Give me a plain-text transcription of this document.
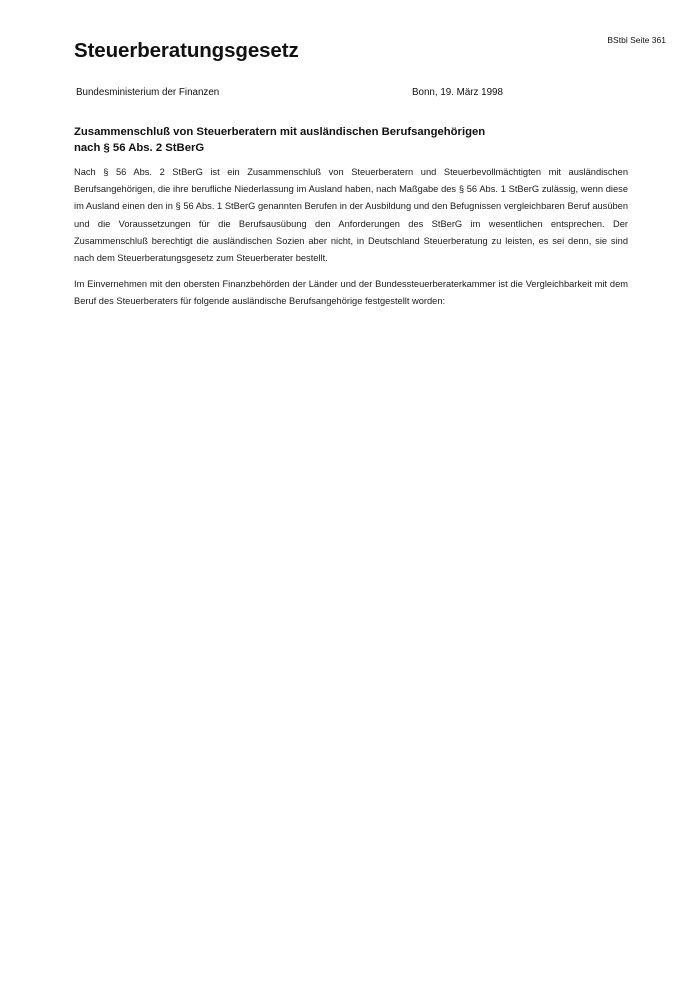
BStbl Seite 361
Steuerberatungsgesetz
Bundesministerium der Finanzen	Bonn, 19. März 1998
Zusammenschluß von Steuerberatern mit ausländischen Berufsangehörigen
nach § 56 Abs. 2 StBerG

Nach § 56 Abs. 2 StBerG ist ein Zusammenschluß von Steuerberatern und Steuerbevollmächtigten mit ausländischen Berufsangehörigen, die ihre berufliche Niederlassung im Ausland haben, nach Maßgabe des § 56 Abs. 1 StBerG zulässig, wenn diese im Ausland einen den in § 56 Abs. 1 StBerG genannten Berufen in der Ausbildung und den Befugnissen vergleichbaren Beruf ausüben und die Voraussetzungen für die Berufsausübung den Anforderungen des StBerG im wesentlichen entsprechen. Der Zusammenschluß berechtigt die ausländischen Sozien aber nicht, in Deutschland Steuerberatung zu leisten, es sei denn, sie sind nach dem Steuerberatungsgesetz zum Steuerberater bestellt.

Im Einvernehmen mit den obersten Finanzbehörden der Länder und der Bundessteuerberaterkammer ist die Vergleichbarkeit mit dem Beruf des Steuerberaters für folgende ausländische Berufsangehörige festgestellt worden:
